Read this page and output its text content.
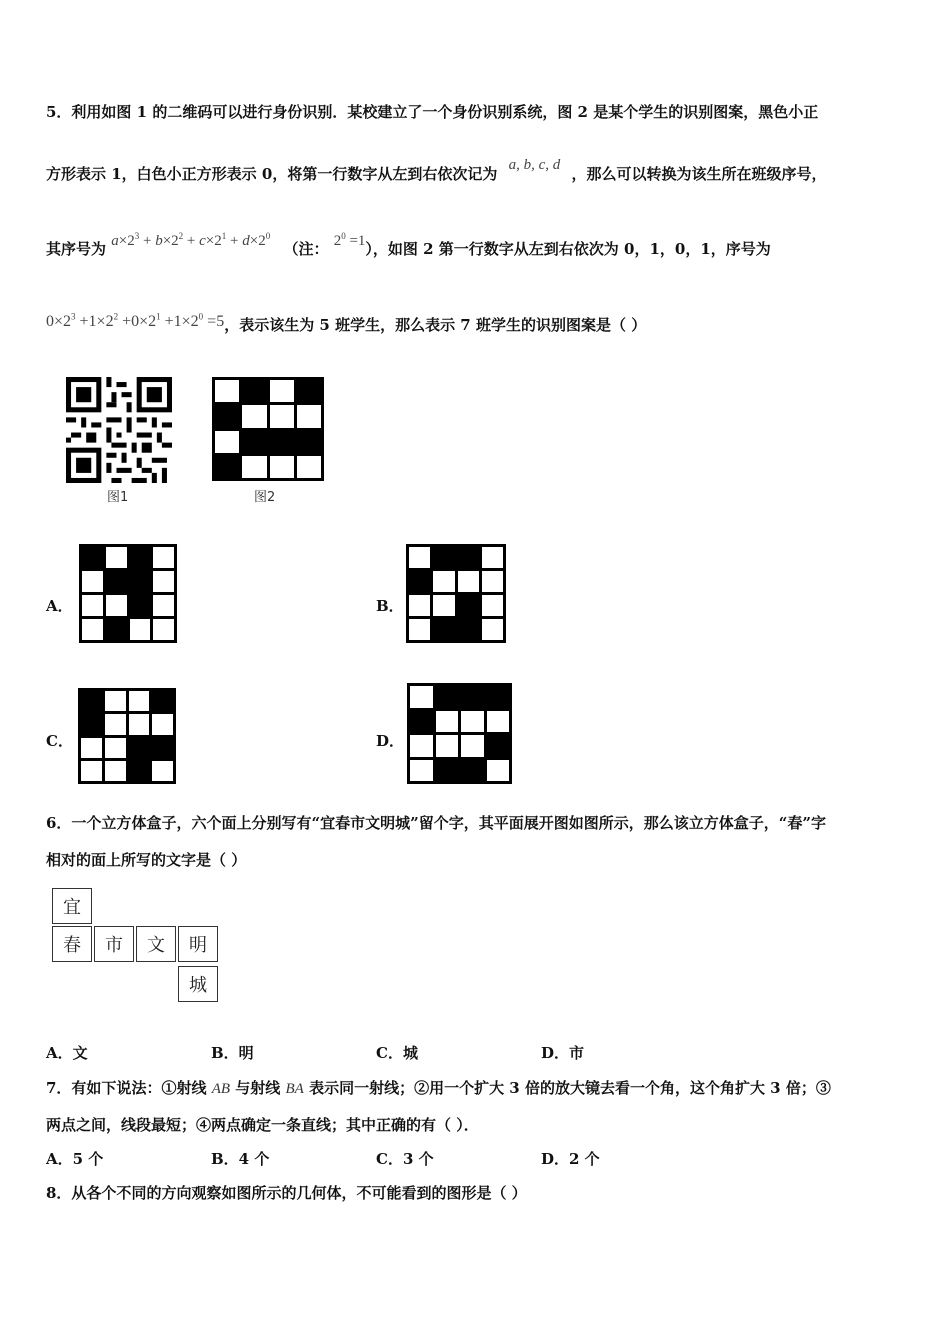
5．利用如图 1 的二维码可以进行身份识别．某校建立了一个身份识别系统，图 2 是某个学生的识别图案，黑色小正
方形表示 1，白色小正方形表示 0，将第一行数字从左到右依次记为 a, b, c, d ，那么可以转换为该生所在班级序号，
其序号为 $a\times 2^3 + b\times 2^2 + c\times 2^1 + d\times 2^0$ （注： $2^0 =1$），如图 2 第一行数字从左到右依次为 0，1，0，1，序号为
$0\times 2^3 +1\times 2^2 +0\times 2^1 +1\times 2^0 =5$，表示该生为 5 班学生，那么表示 7 班学生的识别图案是（ ）
图1	图2
A．	B．
C．	D．
6．一个立方体盒子，六个面上分别写有“宜春市文明城”留个字，其平面展开图如图所示，那么该立方体盒子，“春”字
相对的面上所写的文字是（ ）
宜
春	市	文	明
城
A．文	B．明	C．城	D．市
7．有如下说法：①射线 AB 与射线 BA 表示同一射线；②用一个扩大 3 倍的放大镜去看一个角，这个角扩大 3 倍；③
两点之间，线段最短；④两点确定一条直线；其中正确的有（ ）．
A．5 个	B．4 个	C．3 个	D．2 个
8．从各个不同的方向观察如图所示的几何体，不可能看到的图形是（ ）
